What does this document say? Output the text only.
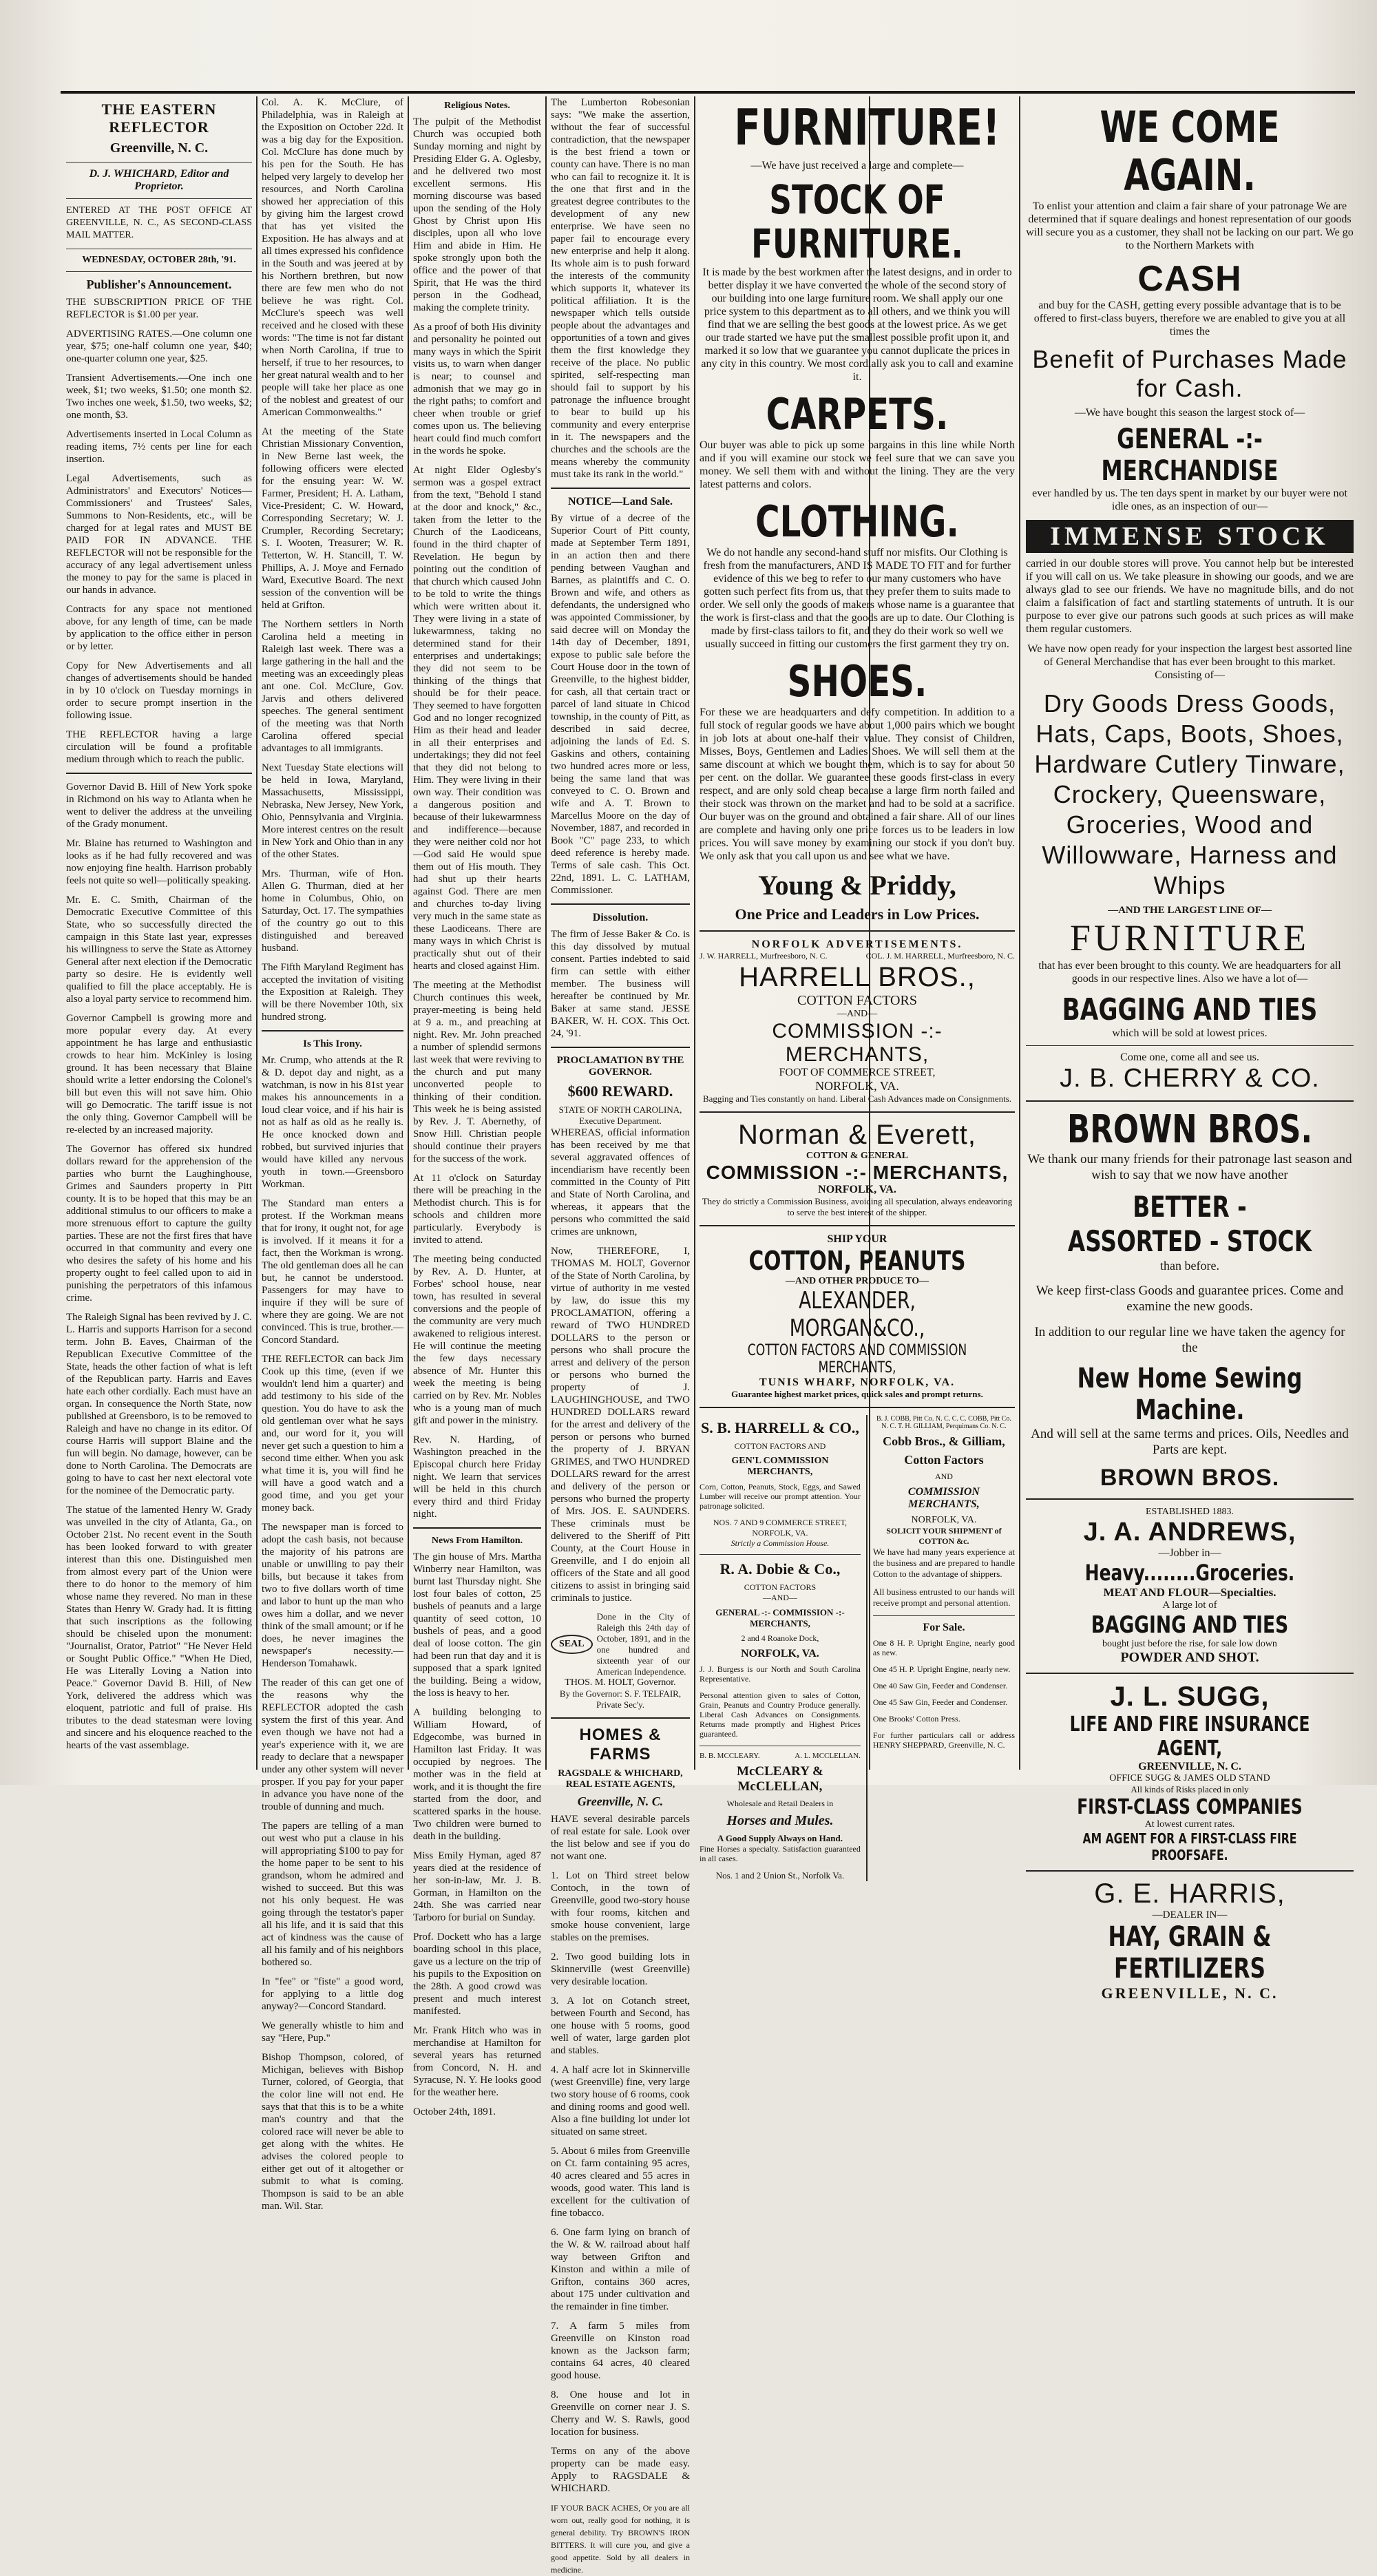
THE EASTERN REFLECTOR
Greenville, N. C.
D. J. WHICHARD, Editor and Proprietor.

ENTERED AT THE POST OFFICE AT GREENVILLE, N. C., AS SECOND-CLASS MAIL MATTER.

WEDNESDAY, OCTOBER 28th, '91.
Publisher's Announcement.

THE SUBSCRIPTION PRICE OF THE REFLECTOR is $1.00 per year.

ADVERTISING RATES.—One column one year, $75; one-half column one year, $40; one-quarter column one year, $25.

Transient Advertisements.—One inch one week, $1; two weeks, $1.50; one month $2. Two inches one week, $1.50, two weeks, $2; one month, $3.

Advertisements inserted in Local Column as reading items, 7½ cents per line for each insertion.

Legal Advertisements, such as Administrators' and Executors' Notices—Commissioners' and Trustees' Sales, Summons to Non-Residents, etc., will be charged for at legal rates and MUST BE PAID FOR IN ADVANCE. THE REFLECTOR will not be responsible for the accuracy of any legal advertisement unless the money to pay for the same is placed in our hands in advance.

Contracts for any space not mentioned above, for any length of time, can be made by application to the office either in person or by letter.

Copy for New Advertisements and all changes of advertisements should be handed in by 10 o'clock on Tuesday mornings in order to secure prompt insertion in the following issue.

THE REFLECTOR having a large circulation will be found a profitable medium through which to reach the public.

Governor David B. Hill of New York spoke in Richmond on his way to Atlanta when he went to deliver the address at the unveiling of the Grady monument.

Mr. Blaine has returned to Washington and looks as if he had fully recovered and was now enjoying fine health. Harrison probably feels not quite so well—politically speaking.

Mr. E. C. Smith, Chairman of the Democratic Executive Committee of this State, who so successfully directed the campaign in this State last year, expresses his willingness to serve the State as Attorney General after next election if the Democratic party so desire. He is evidently well qualified to fill the place acceptably. He is also a loyal party service to recommend him.

Governor Campbell is growing more and more popular every day. At every appointment he has large and enthusiastic crowds to hear him. McKinley is losing ground. It has been necessary that Blaine should write a letter endorsing the Colonel's bill but even this will not save him. Ohio will go Democratic. The tariff issue is not the only thing. Governor Campbell will be re-elected by an increased majority.

The Governor has offered six hundred dollars reward for the apprehension of the parties who burnt the Laughinghouse, Grimes and Saunders property in Pitt county. It is to be hoped that this may be an additional stimulus to our officers to make a more strenuous effort to capture the guilty parties. These are not the first fires that have occurred in that community and every one who desires the safety of his home and his property ought to feel called upon to aid in punishing the perpetrators of this infamous crime.

The Raleigh Signal has been revived by J. C. L. Harris and supports Harrison for a second term. John B. Eaves, Chairman of the Republican Executive Committee of the State, heads the other faction of what is left of the Republican party. Harris and Eaves hate each other cordially. Each must have an organ. In consequence the North State, now published at Greensboro, is to be removed to Raleigh and have no change in its editor. Of course Harris will support Blaine and the fun will begin. No damage, however, can be done to North Carolina. The Democrats are going to have to cast her next electoral vote for the nominee of the Democratic party.

The statue of the lamented Henry W. Grady was unveiled in the city of Atlanta, Ga., on October 21st. No recent event in the South has been looked forward to with greater interest than this one. Distinguished men from almost every part of the Union were there to do honor to the memory of him whose name they revered. No man in these States than Henry W. Grady had. It is fitting that such inscriptions as the following should be chiseled upon the monument: "Journalist, Orator, Patriot" "He Never Held or Sought Public Office." "When He Died, He was Literally Loving a Nation into Peace." Governor David B. Hill, of New York, delivered the address which was eloquent, patriotic and full of praise. His tributes to the dead statesman were loving and sincere and his eloquence reached to the hearts of the vast assemblage.

Col. A. K. McClure, of Philadelphia, was in Raleigh at the Exposition on October 22d. It was a big day for the Exposition. Col. McClure has done much by his pen for the South. He has helped very largely to develop her resources, and North Carolina showed her appreciation of this by giving him the largest crowd that has yet visited the Exposition. He has always and at all times expressed his confidence in the South and was jeered at by his Northern brethren, but now there are few men who do not believe he was right. Col. McClure's speech was well received and he closed with these words: "The time is not far distant when North Carolina, if true to herself, if true to her resources, to her great natural wealth and to her people will take her place as one of the noblest and greatest of our American Commonwealths."

At the meeting of the State Christian Missionary Convention, in New Berne last week, the following officers were elected for the ensuing year: W. W. Farmer, President; H. A. Latham, Vice-President; C. W. Howard, Corresponding Secretary; W. J. Crumpler, Recording Secretary; S. I. Wooten, Treasurer; W. R. Tetterton, W. H. Stancill, T. W. Phillips, A. J. Moye and Fernado Ward, Executive Board. The next session of the convention will be held at Grifton.

The Northern settlers in North Carolina held a meeting in Raleigh last week. There was a large gathering in the hall and the meeting was an exceedingly pleas ant one. Col. McClure, Gov. Jarvis and others delivered speeches. The general sentiment of the meeting was that North Carolina offered special advantages to all immigrants.

Next Tuesday State elections will be held in Iowa, Maryland, Massachusetts, Mississippi, Nebraska, New Jersey, New York, Ohio, Pennsylvania and Virginia. More interest centres on the result in New York and Ohio than in any of the other States.

Mrs. Thurman, wife of Hon. Allen G. Thurman, died at her home in Columbus, Ohio, on Saturday, Oct. 17. The sympathies of the country go out to this distinguished and bereaved husband.

The Fifth Maryland Regiment has accepted the invitation of visiting the Exposition at Raleigh. They will be there November 10th, six hundred strong.

Is This Irony.

Mr. Crump, who attends at the R & D. depot day and night, as a watchman, is now in his 81st year makes his announcements in a loud clear voice, and if his hair is not as half as old as he really is. He once knocked down and robbed, but survived injuries that would have killed any nervous youth in town.—Greensboro Workman.

The Standard man enters a protest. If the Workman means that for irony, it ought not, for age is involved. If it means it for a fact, then the Workman is wrong. The old gentleman does all he can but, he cannot be understood. Passengers for may have to inquire if they will be sure of where they are going. We are not convinced. This is true, brother.—Concord Standard.

THE REFLECTOR can back Jim Cook up this time, (even if we wouldn't lend him a quarter) and add testimony to his side of the question. You do have to ask the old gentleman over what he says and, our word for it, you will never get such a question to him a second time either. When you ask what time it is, you will find he will have a good watch and a good time, and you get your money back.

The newspaper man is forced to adopt the cash basis, not because the majority of his patrons are unable or unwilling to pay their bills, but because it takes from two to five dollars worth of time and labor to hunt up the man who owes him a dollar, and we never think of the small amount; or if he does, he never imagines the newspaper's necessity.—Henderson Tomahawk.

The reader of this can get one of the reasons why the REFLECTOR adopted the cash system the first of this year. And even though we have not had a year's experience with it, we are ready to declare that a newspaper under any other system will never prosper. If you pay for your paper in advance you have none of the trouble of dunning and much.

The papers are telling of a man out west who put a clause in his will appropriating $100 to pay for the home paper to be sent to his grandson, whom he admired and wished to succeed. But this was not his only bequest. He was going through the testator's paper all his life, and it is said that this act of kindness was the cause of all his family and of his neighbors bothered so.

In "fee" or "fiste" a good word, for applying to a little dog anyway?—Concord Standard.

We generally whistle to him and say "Here, Pup."

Bishop Thompson, colored, of Michigan, believes with Bishop Turner, colored, of Georgia, that the color line will not end. He says that that this is to be a white man's country and that the colored race will never be able to get along with the whites. He advises the colored people to either get out of it altogether or submit to what is coming. Thompson is said to be an able man. Wil. Star.

Religious Notes.

The pulpit of the Methodist Church was occupied both Sunday morning and night by Presiding Elder G. A. Oglesby, and he delivered two most excellent sermons. His morning discourse was based upon the sending of the Holy Ghost by Christ upon His disciples, upon all who love Him and abide in Him. He spoke strongly upon both the office and the power of that Spirit, that He was the third person in the Godhead, making the complete trinity.

As a proof of both His divinity and personality he pointed out many ways in which the Spirit visits us, to warn when danger is near; to counsel and admonish that we may go in the right paths; to comfort and cheer when trouble or grief comes upon us. The believing heart could find much comfort in the words he spoke.

At night Elder Oglesby's sermon was a gospel extract from the text, "Behold I stand at the door and knock," &c., taken from the letter to the Church of the Laodiceans, found in the third chapter of Revelation. He begun by pointing out the condition of that church which caused John to be told to write the things which were written about it. They were living in a state of lukewarmness, taking no determined stand for their enterprises and undertakings; they did not seem to be thinking of the things that should be for their peace. They seemed to have forgotten God and no longer recognized Him as their head and leader in all their enterprises and undertakings; they did not feel that they did not belong to Him. They were living in their own way. Their condition was a dangerous position and because of their lukewarmness and indifference—because they were neither cold nor hot—God said He would spue them out of His mouth. They had shut up their hearts against God. There are men and churches to-day living very much in the same state as these Laodiceans. There are many ways in which Christ is practically shut out of their hearts and closed against Him.

The meeting at the Methodist Church continues this week, prayer-meeting is being held at 9 a. m., and preaching at night. Rev. Mr. John preached a number of splendid sermons last week that were reviving to the church and put many unconverted people to thinking of their condition. This week he is being assisted by Rev. J. T. Abernethy, of Snow Hill. Christian people should continue their prayers for the success of the work.

At 11 o'clock on Saturday there will be preaching in the Methodist church. This is for schools and children more particularly. Everybody is invited to attend.

The meeting being conducted by Rev. A. D. Hunter, at Forbes' school house, near town, has resulted in several conversions and the people of the community are very much awakened to religious interest. He will continue the meeting the few days necessary absence of Mr. Hunter this week the meeting is being carried on by Rev. Mr. Nobles who is a young man of much gift and power in the ministry.

Rev. N. Harding, of Washington preached in the Episcopal church here Friday night. We learn that services will be held in this church every third and third Friday night.

News From Hamilton.

The gin house of Mrs. Martha Winberry near Hamilton, was burnt last Thursday night. She lost four bales of cotton, 25 bushels of peanuts and a large quantity of seed cotton, 10 bushels of peas, and a good deal of loose cotton. The gin had been run that day and it is supposed that a spark ignited the building. Being a widow, the loss is heavy to her.

A building belonging to William Howard, of Edgecombe, was burned in Hamilton last Friday. It was occupied by negroes. The mother was in the field at work, and it is thought the fire started from the door, and scattered sparks in the house. Two children were burned to death in the building.

Miss Emily Hyman, aged 87 years died at the residence of her son-in-law, Mr. J. B. Gorman, in Hamilton on the 24th. She was carried near Tarboro for burial on Sunday.

Prof. Dockett who has a large boarding school in this place, gave us a lecture on the trip of his pupils to the Exposition on the 28th. A good crowd was present and much interest manifested.

Mr. Frank Hitch who was in merchandise at Hamilton for several years has returned from Concord, N. H. and Syracuse, N. Y. He looks good for the weather here.

October 24th, 1891.

The Lumberton Robesonian says: "We make the assertion, without the fear of successful contradiction, that the newspaper is the best friend a town or county can have. There is no man who can fail to recognize it. It is the one that first and in the greatest degree contributes to the development of any new enterprise. We have seen no paper fail to encourage every new enterprise and help it along. Its whole aim is to push forward the interests of the community which supports it, whatever its political affiliation. It is the newspaper which tells outside people about the advantages and opportunities of a town and gives them the first knowledge they receive of the place. No public spirited, self-respecting man should fail to support by his patronage the influence brought to bear to build up his community and every enterprise in it. The newspapers and the churches and the schools are the means whereby the community must take its rank in the world."

NOTICE—Land Sale.

By virtue of a decree of the Superior Court of Pitt county, made at September Term 1891, in an action then and there pending between Vaughan and Barnes, as plaintiffs and C. O. Brown and wife, and others as defendants, the undersigned who was appointed Commissioner, by said decree will on Monday the 14th day of December, 1891, expose to public sale before the Court House door in the town of Greenville, to the highest bidder, for cash, all that certain tract or parcel of land situate in Chicod township, in the county of Pitt, as described in said decree, adjoining the lands of Ed. S. Gaskins and others, containing two hundred acres more or less, being the same land that was conveyed to C. O. Brown and wife and A. T. Brown to Marcellus Moore on the day of November, 1887, and recorded in Book "C" page 233, to which deed reference is hereby made. Terms of sale cash. This Oct. 22nd, 1891. L. C. LATHAM, Commissioner.

Dissolution.

The firm of Jesse Baker & Co. is this day dissolved by mutual consent. Parties indebted to said firm can settle with either member. The business will hereafter be continued by Mr. Baker at same stand. JESSE BAKER, W. H. COX. This Oct. 24, '91.

PROCLAMATION BY THE GOVERNOR.
$600 REWARD.
STATE OF NORTH CAROLINA, Executive Department.

WHEREAS, official information has been received by me that several aggravated offences of incendiarism have recently been committed in the County of Pitt and State of North Carolina, and whereas, it appears that the persons who committed the said crimes are unknown,

Now, THEREFORE, I, THOMAS M. HOLT, Governor of the State of North Carolina, by virtue of authority in me vested by law, do issue this my PROCLAMATION, offering a reward of TWO HUNDRED DOLLARS to the person or persons who shall procure the arrest and delivery of the person or persons who burned the property of J. LAUGHINGHOUSE, and TWO HUNDRED DOLLARS reward for the arrest and delivery of the person or persons who burned the property of J. BRYAN GRIMES, and TWO HUNDRED DOLLARS reward for the arrest and delivery of the person or persons who burned the property of Mrs. JOS. E. SAUNDERS. These criminals must be delivered to the Sheriff of Pitt County, at the Court House in Greenville, and I do enjoin all officers of the State and all good citizens to assist in bringing said criminals to justice.

SEAL

Done in the City of Raleigh this 24th day of October, 1891, and in the one hundred and sixteenth year of our American Independence.

THOS. M. HOLT, Governor.
By the Governor: S. F. TELFAIR, Private Sec'y.
HOMES & FARMS
RAGSDALE & WHICHARD, REAL ESTATE AGENTS,
Greenville, N. C.

HAVE several desirable parcels of real estate for sale. Look over the list below and see if you do not want one.

1. Lot on Third street below Contoch, in the town of Greenville, good two-story house with four rooms, kitchen and smoke house convenient, large stables on the premises.

2. Two good building lots in Skinnerville (west Greenville) very desirable location.

3. A lot on Cotanch street, between Fourth and Second, has one house with 5 rooms, good well of water, large garden plot and stables.

4. A half acre lot in Skinnerville (west Greenville) fine, very large two story house of 6 rooms, cook and dining rooms and good well. Also a fine building lot under lot situated on same street.

5. About 6 miles from Greenville on Ct. farm containing 95 acres, 40 acres cleared and 55 acres in woods, good water. This land is excellent for the cultivation of fine tobacco.

6. One farm lying on branch of the W. & W. railroad about half way between Grifton and Kinston and within a mile of Grifton, contains 360 acres, about 175 under cultivation and the remainder in fine timber.

7. A farm 5 miles from Greenville on Kinston road known as the Jackson farm; contains 64 acres, 40 cleared good house.

8. One house and lot in Greenville on corner near J. S. Cherry and W. S. Rawls, good location for business.

Terms on any of the above property can be made easy. Apply to RAGSDALE & WHICHARD.

IF YOUR BACK ACHES, Or you are all worn out, really good for nothing, it is general debility. Try BROWN'S IRON BITTERS. It will cure you, and give a good appetite. Sold by all dealers in medicine.

FURNITURE!
—We have just received a large and complete—
STOCK OF FURNITURE.

It is made by the best workmen after the latest designs, and in order to better display it we have converted the whole of the second story of our building into one large furniture room. We shall apply our one price system to this department as to all others, and we think you will find that we are selling the best goods at the lowest price. As we get our trade started we have put the smallest possible profit upon it, and marked it so low that we guarantee you cannot duplicate the prices in any city in this country. We most cordially ask you to call and examine it.

CARPETS.

Our buyer was able to pick up some bargains in this line while North and if you will examine our stock we feel sure that we can save you money. We sell them with and without the lining. They are the very latest patterns and colors.

CLOTHING.

We do not handle any second-hand stuff nor misfits. Our Clothing is fresh from the manufacturers, AND IS MADE TO FIT and for further evidence of this we beg to refer to our many customers who have gotten such perfect fits from us, that they prefer them to suits made to order. We sell only the goods of makers whose name is a guarantee that the work is first-class and that the goods are up to date. Our Clothing is made by first-class tailors to fit, and they do their work so well we usually succeed in fitting our customers the first garment they try on.

SHOES.

For these we are headquarters and defy competition. In addition to a full stock of regular goods we have about 1,000 pairs which we bought in job lots at about one-half their value. They consist of Children, Misses, Boys, Gentlemen and Ladies Shoes. We will sell them at the same discount at which we bought them, which is to say for about 50 per cent. on the dollar. We guarantee these goods first-class in every respect, and are only sold cheap because a large firm north failed and their stock was thrown on the market and had to be sold at a sacrifice. Our buyer was on the ground and obtained a fair share. All of our lines are complete and having only one price forces us to be leaders in low prices. You will save money by examining our stock if you don't buy. We only ask that you call upon us and see what we have.

Young & Priddy,
One Price and Leaders in Low Prices.
NORFOLK ADVERTISEMENTS.
J. W. HARRELL, Murfreesboro, N. C.	COL. J. M. HARRELL, Murfreesboro, N. C.
HARRELL BROS.,
COTTON FACTORS
—AND—
COMMISSION -:- MERCHANTS,
FOOT OF COMMERCE STREET,
NORFOLK, VA.

Bagging and Ties constantly on hand. Liberal Cash Advances made on Consignments.

Norman & Everett,
COTTON & GENERAL
COMMISSION -:- MERCHANTS,
NORFOLK, VA.

They do strictly a Commission Business, avoiding all speculation, always endeavoring to serve the best interest of the shipper.

SHIP YOUR
COTTON, PEANUTS
—AND OTHER PRODUCE TO—
ALEXANDER, MORGAN&CO.,
COTTON FACTORS AND COMMISSION MERCHANTS,
TUNIS WHARF, NORFOLK, VA.
Guarantee highest market prices, quick sales and prompt returns.
S. B. HARRELL & CO.,
COTTON FACTORS AND
GEN'L COMMISSION MERCHANTS,

Corn, Cotton, Peanuts, Stock, Eggs, and Sawed Lumber will receive our prompt attention. Your patronage solicited.

NOS. 7 AND 9 COMMERCE STREET, NORFOLK, VA.
Strictly a Commission House.
R. A. Dobie & Co.,
COTTON FACTORS
—AND—
GENERAL -:- COMMISSION -:- MERCHANTS,
2 and 4 Roanoke Dock,
NORFOLK, VA.

J. J. Burgess is our North and South Carolina Representative.

Personal attention given to sales of Cotton, Grain, Peanuts and Country Produce generally. Liberal Cash Advances on Consignments. Returns made promptly and Highest Prices guaranteed.

B. B. MCCLEARY.	A. L. MCCLELLAN.
McCLEARY & McCLELLAN,
Wholesale and Retail Dealers in
Horses and Mules.
A Good Supply Always on Hand.

Fine Horses a specialty. Satisfaction guaranteed in all cases.

Nos. 1 and 2 Union St., Norfolk Va.
B. J. COBB, Pitt Co. N. C. C. C. COBB, Pitt Co. N. C. T. H. GILLIAM, Perquimans Co. N. C.
Cobb Bros., & Gilliam,
Cotton Factors
AND
COMMISSION MERCHANTS,
NORFOLK, VA.
SOLICIT YOUR SHIPMENT of COTTON &c.

We have had many years experience at the business and are prepared to handle Cotton to the advantage of shippers.

All business entrusted to our hands will receive prompt and personal attention.

For Sale.

One 8 H. P. Upright Engine, nearly good as new.

One 45 H. P. Upright Engine, nearly new.

One 40 Saw Gin, Feeder and Condenser.

One 45 Saw Gin, Feeder and Condenser.

One Brooks' Cotton Press.

For further particulars call or address HENRY SHEPPARD, Greenville, N. C.

WE COME AGAIN.

To enlist your attention and claim a fair share of your patronage We are determined that if square dealings and honest representation of our goods will secure you as a customer, they shall not be lacking on our part. We go to the Northern Markets with

CASH

and buy for the CASH, getting every possible advantage that is to be offered to first-class buyers, therefore we are enabled to give you at all times the

Benefit of Purchases Made for Cash.
—We have bought this season the largest stock of—
GENERAL -:- MERCHANDISE

ever handled by us. The ten days spent in market by our buyer were not idle ones, as an inspection of our—

IMMENSE STOCK

carried in our double stores will prove. You cannot help but be interested if you will call on us. We take pleasure in showing our goods, and we are always glad to see our friends. We have no magnitude bills, and do not claim a falsification of fact and startling statements of untruth. It is our purpose to ever give our patrons such goods at such prices as will make them regular customers.

We have now open ready for your inspection the largest best assorted line of General Merchandise that has ever been brought to this market. Consisting of—

Dry Goods Dress Goods, Hats, Caps, Boots, Shoes, Hardware Cutlery Tinware, Crockery, Queensware, Groceries, Wood and Willowware, Harness and Whips
—AND THE LARGEST LINE OF—
FURNITURE

that has ever been brought to this county. We are headquarters for all goods in our respective lines. Also we have a lot of—

BAGGING AND TIES
which will be sold at lowest prices.
Come one, come all and see us.
J. B. CHERRY & CO.
BROWN BROS.

We thank our many friends for their patronage last season and wish to say that we now have another

BETTER - ASSORTED - STOCK
than before.

We keep first-class Goods and guarantee prices. Come and examine the new goods.

In addition to our regular line we have taken the agency for the

New Home Sewing Machine.

And will sell at the same terms and prices. Oils, Needles and Parts are kept.

BROWN BROS.
ESTABLISHED 1883.
J. A. ANDREWS,
—Jobber in—
Heavy........Groceries.
MEAT AND FLOUR—Specialties.
A large lot of
BAGGING AND TIES
bought just before the rise, for sale low down
POWDER AND SHOT.
J. L. SUGG,
LIFE AND FIRE INSURANCE AGENT,
GREENVILLE, N. C.
OFFICE SUGG & JAMES OLD STAND
All kinds of Risks placed in only
FIRST-CLASS COMPANIES
At lowest current rates.
AM AGENT FOR A FIRST-CLASS FIRE PROOFSAFE.
G. E. HARRIS,
—DEALER IN—
HAY, GRAIN & FERTILIZERS
GREENVILLE, N. C.
